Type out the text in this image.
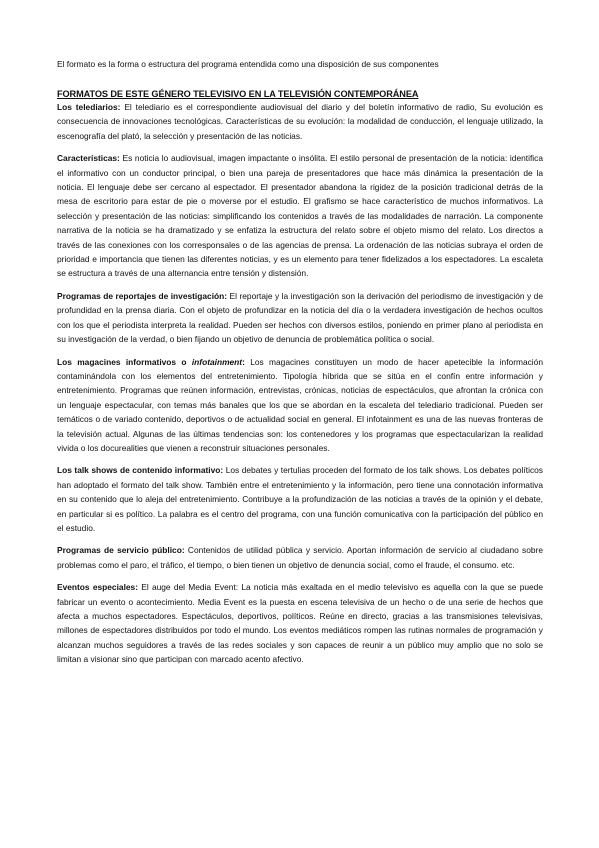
El formato es la forma o estructura del programa entendida como una disposición de sus componentes

FORMATOS DE ESTE GÉNERO TELEVISIVO EN LA TELEVISIÓN CONTEMPORÁNEA

Los telediarios: El telediario es el correspondiente audiovisual del diario y del boletín informativo de radio, Su evolución es consecuencia de innovaciones tecnológicas. Características de su evolución: la modalidad de conducción, el lenguaje utilizado, la escenografía del plató, la selección y presentación de las noticias.

Características: Es noticia lo audiovisual, imagen impactante o insólita. El estilo personal de presentación de la noticia: identifica el informativo con un conductor principal, o bien una pareja de presentadores que hace más dinámica la presentación de la noticia. El lenguaje debe ser cercano al espectador. El presentador abandona la rigidez de la posición tradicional detrás de la mesa de escritorio para estar de pie o moverse por el estudio. El grafismo se hace característico de muchos informativos. La selección y presentación de las noticias: simplificando los contenidos a través de las modalidades de narración. La componente narrativa de la noticia se ha dramatizado y se enfatiza la estructura del relato sobre el objeto mismo del relato. Los directos a través de las conexiones con los corresponsales o de las agencias de prensa. La ordenación de las noticias subraya el orden de prioridad e importancia que tienen las diferentes noticias, y es un elemento para tener fidelizados a los espectadores. La escaleta se estructura a través de una alternancia entre tensión y distensión.

Programas de reportajes de investigación: El reportaje y la investigación son la derivación del periodismo de investigación y de profundidad en la prensa diaria. Con el objeto de profundizar en la noticia del día o la verdadera investigación de hechos ocultos con los que el periodista interpreta la realidad. Pueden ser hechos con diversos estilos, poniendo en primer plano al periodista en su investigación de la verdad, o bien fijando un objetivo de denuncia de problemática política o social.

Los magacines informativos o infotainment: Los magacines constituyen un modo de hacer apetecible la información contaminándola con los elementos del entretenimiento. Tipología híbrida que se sitúa en el confín entre información y entretenimiento. Programas que reúnen información, entrevistas, crónicas, noticias de espectáculos, que afrontan la crónica con un lenguaje espectacular, con temas más banales que los que se abordan en la escaleta del telediario tradicional. Pueden ser temáticos o de variado contenido, deportivos o de actualidad social en general. El infotainment es una de las nuevas fronteras de la televisión actual. Algunas de las últimas tendencias son: los contenedores y los programas que espectacularizan la realidad vivida o los docurealities que vienen a reconstruir situaciones personales.

Los talk shows de contenido informativo: Los debates y tertulias proceden del formato de los talk shows. Los debates políticos han adoptado el formato del talk show. También entre el entretenimiento y la información, pero tiene una connotación informativa en su contenido que lo aleja del entretenimiento. Contribuye a la profundización de las noticias a través de la opinión y el debate, en particular si es político. La palabra es el centro del programa, con una función comunicativa con la participación del público en el estudio.

Programas de servicio público: Contenidos de utilidad pública y servicio. Aportan información de servicio al ciudadano sobre problemas como el paro, el tráfico, el tiempo, o bien tienen un objetivo de denuncia social, como el fraude, el consumo. etc.

Eventos especiales: El auge del Media Event: La noticia más exaltada en el medio televisivo es aquella con la que se puede fabricar un evento o acontecimiento. Media Event es la puesta en escena televisiva de un hecho o de una serie de hechos que afecta a muchos espectadores. Espectáculos, deportivos, políticos. Reúne en directo, gracias a las transmisiones televisivas, millones de espectadores distribuidos por todo el mundo. Los eventos mediáticos rompen las rutinas normales de programación y alcanzan muchos seguidores a través de las redes sociales y son capaces de reunir a un público muy amplio que no solo se limitan a visionar sino que participan con marcado acento afectivo.
